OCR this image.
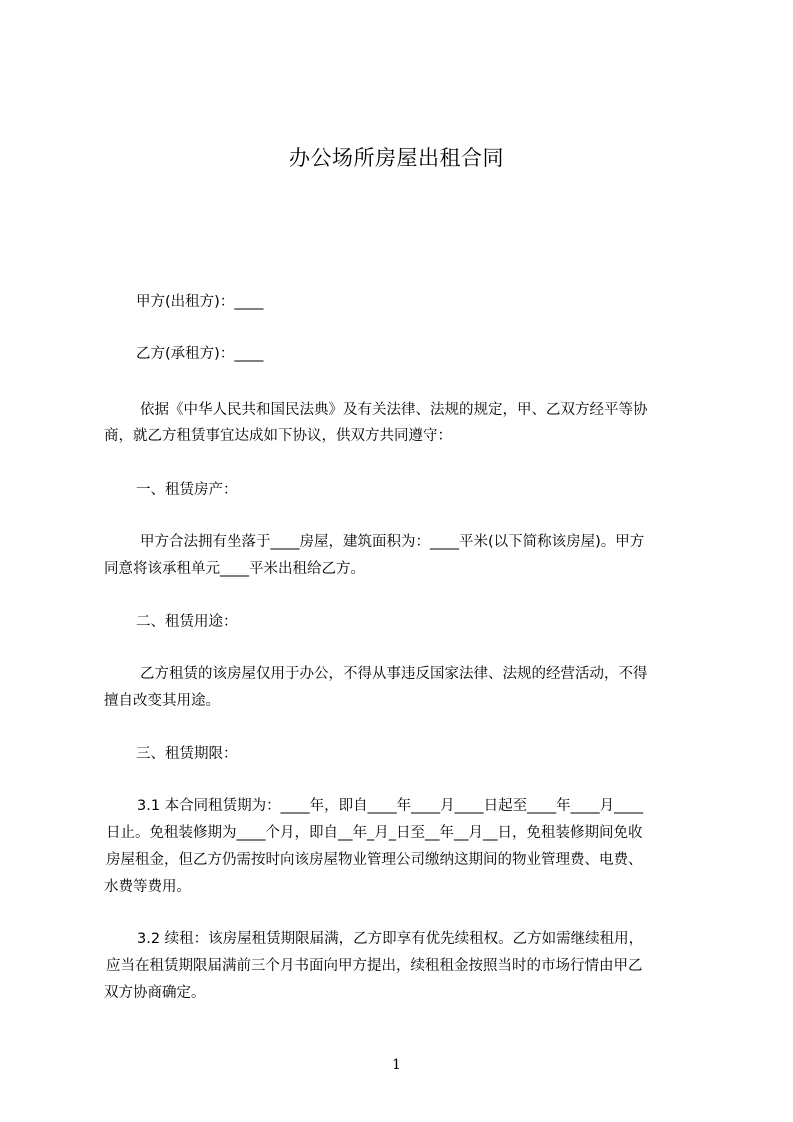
办公场所房屋出租合同
甲方(出租方)：____
乙方(承租方)：____
依据《中华人民共和国民法典》及有关法律、法规的规定，甲、乙双方经平等协
商，就乙方租赁事宜达成如下协议，供双方共同遵守：
一、租赁房产：
甲方合法拥有坐落于____房屋，建筑面积为：____平米(以下简称该房屋)。甲方
同意将该承租单元____平米出租给乙方。
二、租赁用途：
乙方租赁的该房屋仅用于办公，不得从事违反国家法律、法规的经营活动，不得
擅自改变其用途。
三、租赁期限：
3.1 本合同租赁期为：____年，即自____年____月____日起至____年____月____
日止。免租装修期为____个月，即自__年_月_日至__年__月__日，免租装修期间免收
房屋租金，但乙方仍需按时向该房屋物业管理公司缴纳这期间的物业管理费、电费、
水费等费用。
3.2 续租：该房屋租赁期限届满，乙方即享有优先续租权。乙方如需继续租用，
应当在租赁期限届满前三个月书面向甲方提出，续租租金按照当时的市场行情由甲乙
双方协商确定。
1
